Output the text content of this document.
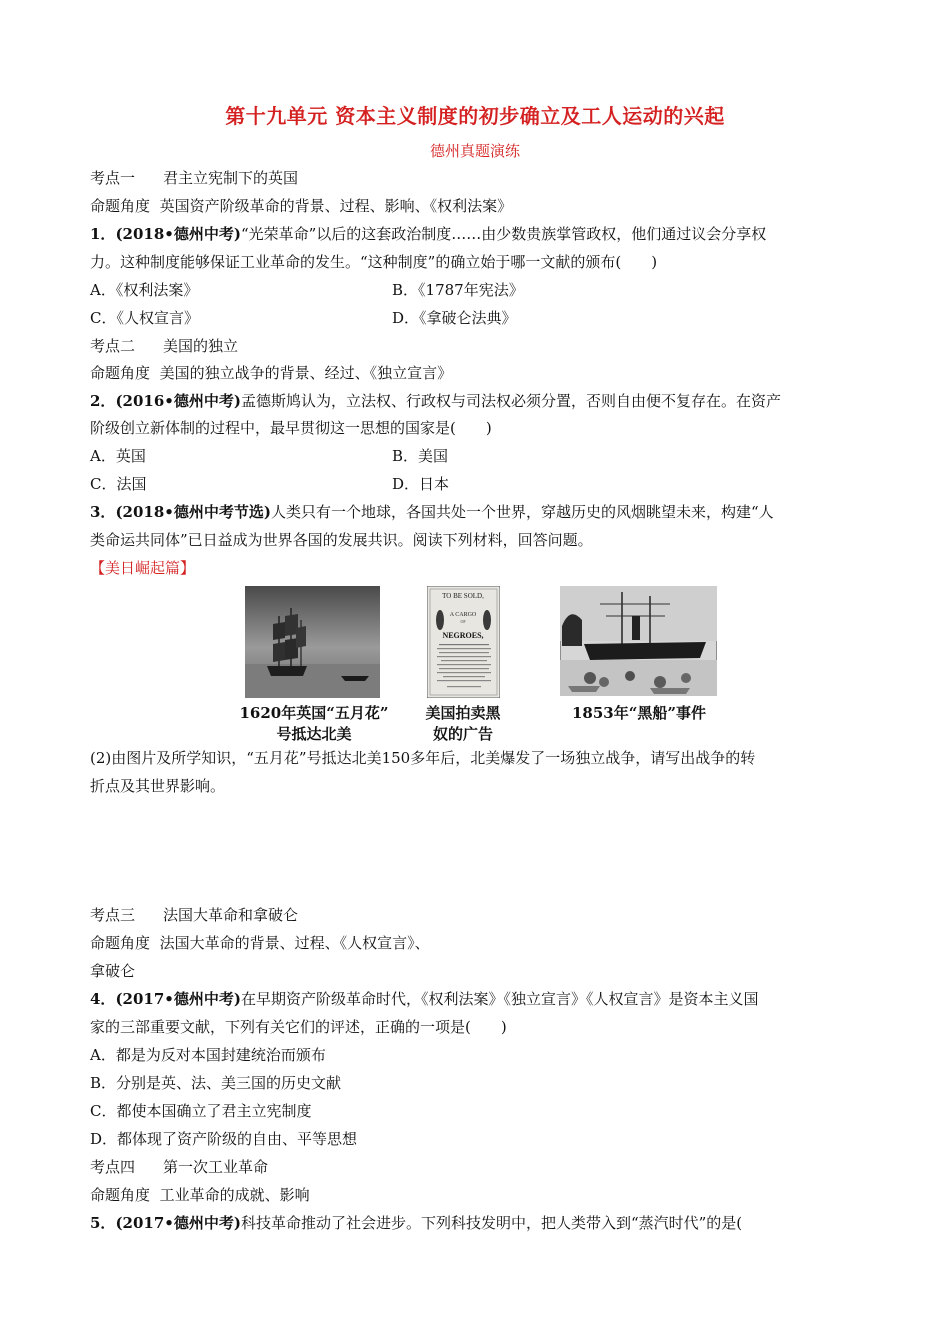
第十九单元 资本主义制度的初步确立及工人运动的兴起
德州真题演练
考点一 君主立宪制下的英国
命题角度 英国资产阶级革命的背景、过程、影响、《权利法案》
1．(2018•德州中考)“光荣革命”以后的这套政治制度……由少数贵族掌管政权，他们通过议会分享权
力。这种制度能够保证工业革命的发生。“这种制度”的确立始于哪一文献的颁布(　　)
A．《权利法案》	B．《1787年宪法》
C．《人权宣言》	D．《拿破仑法典》
考点二 美国的独立
命题角度 美国的独立战争的背景、经过、《独立宣言》
2．(2016•德州中考)孟德斯鸠认为，立法权、行政权与司法权必须分置，否则自由便不复存在。在资产
阶级创立新体制的过程中，最早贯彻这一思想的国家是(　　)
A．英国	B．美国
C．法国	D．日本
3．(2018•德州中考节选)人类只有一个地球，各国共处一个世界，穿越历史的风烟眺望未来，构建“人
类命运共同体”已日益成为世界各国的发展共识。阅读下列材料，回答问题。
【美日崛起篇】
1620年英国“五月花”
号抵达北美
TO BE SOLD,
A CARGO
OF
NEGROES,
美国拍卖黑
奴的广告
1853年“黑船”事件
(2)由图片及所学知识，“五月花”号抵达北美150多年后，北美爆发了一场独立战争，请写出战争的转
折点及其世界影响。
考点三 法国大革命和拿破仑
命题角度 法国大革命的背景、过程、《人权宣言》、
拿破仑
4．(2017•德州中考)在早期资产阶级革命时代，《权利法案》《独立宣言》《人权宣言》是资本主义国
家的三部重要文献，下列有关它们的评述，正确的一项是(　　)
A．都是为反对本国封建统治而颁布
B．分别是英、法、美三国的历史文献
C．都使本国确立了君主立宪制度
D．都体现了资产阶级的自由、平等思想
考点四 第一次工业革命
命题角度 工业革命的成就、影响
5．(2017•德州中考)科技革命推动了社会进步。下列科技发明中，把人类带入到“蒸汽时代”的是(
